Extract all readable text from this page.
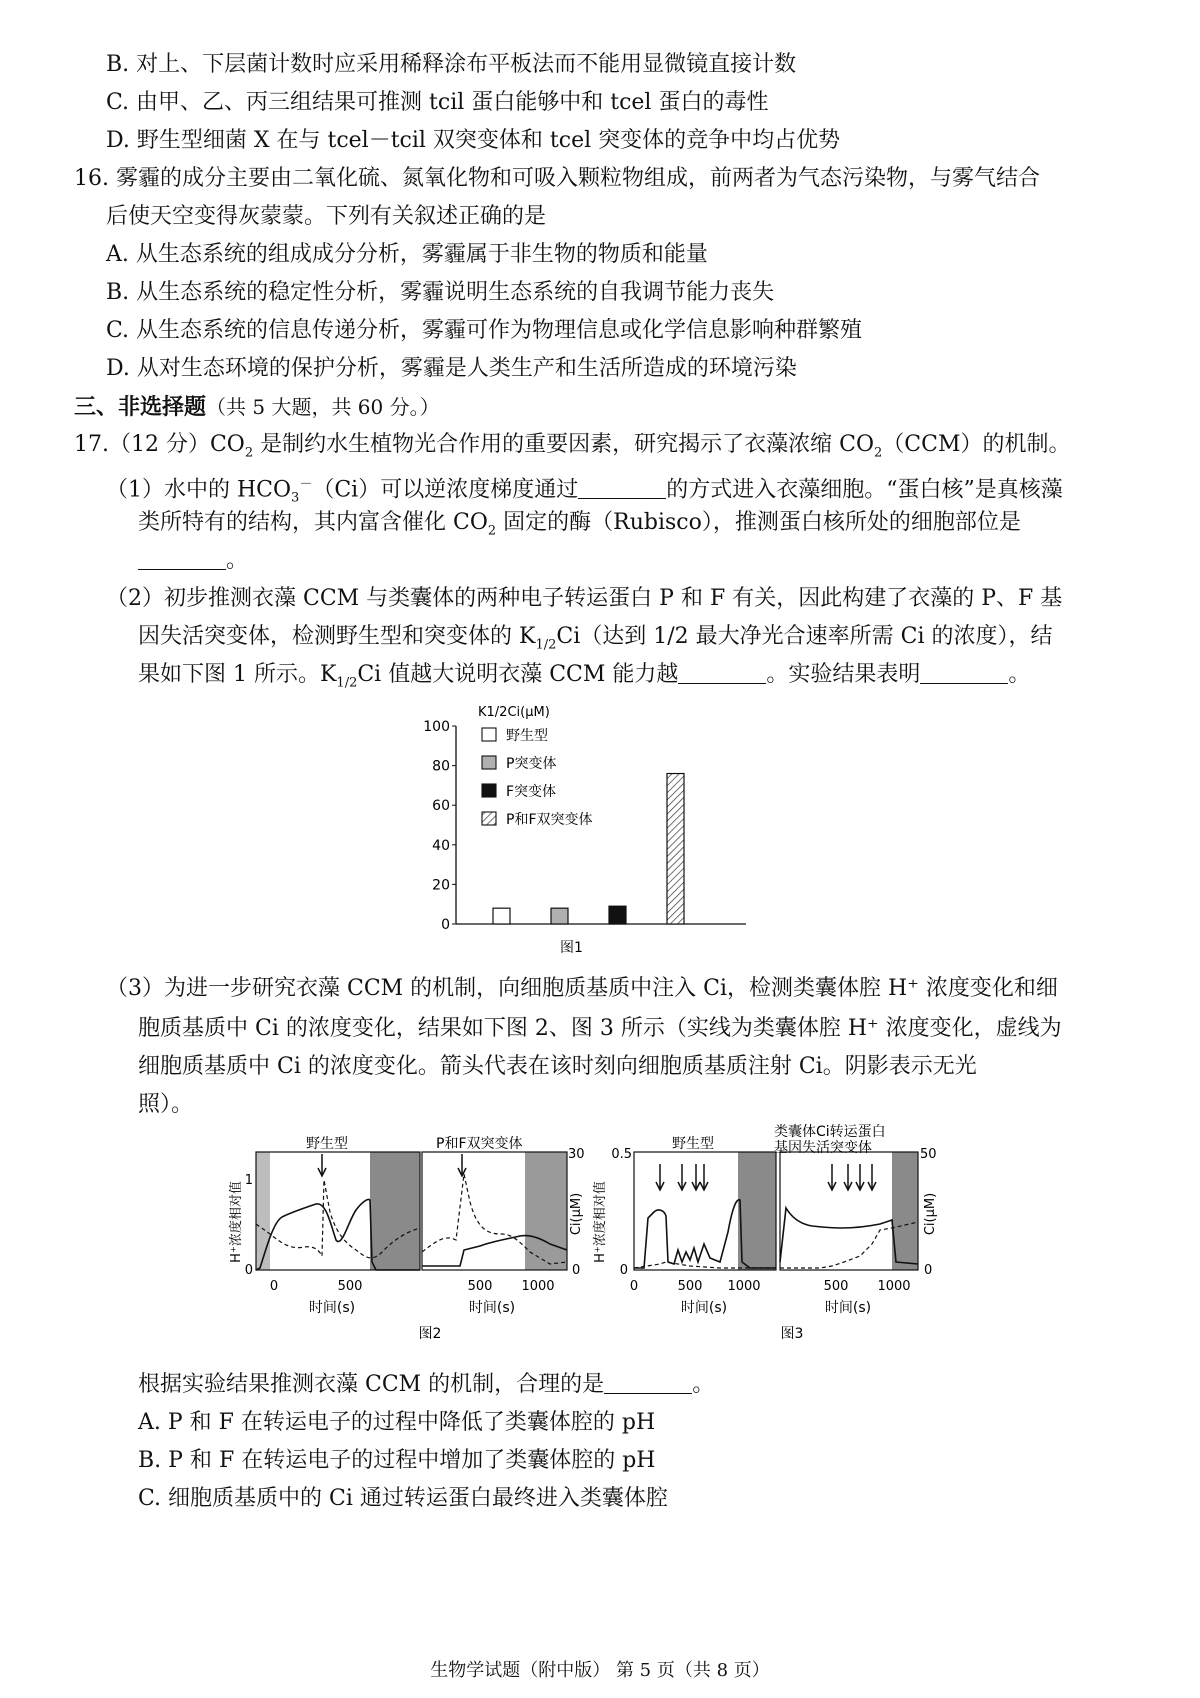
B. 对上、下层菌计数时应采用稀释涂布平板法而不能用显微镜直接计数
C. 由甲、乙、丙三组结果可推测 tcil 蛋白能够中和 tcel 蛋白的毒性
D. 野生型细菌 X 在与 tcel－tcil 双突变体和 tcel 突变体的竞争中均占优势
16. 雾霾的成分主要由二氧化硫、氮氧化物和可吸入颗粒物组成，前两者为气态污染物，与雾气结合
后使天空变得灰蒙蒙。下列有关叙述正确的是
A. 从生态系统的组成成分分析，雾霾属于非生物的物质和能量
B. 从生态系统的稳定性分析，雾霾说明生态系统的自我调节能力丧失
C. 从生态系统的信息传递分析，雾霾可作为物理信息或化学信息影响种群繁殖
D. 从对生态环境的保护分析，雾霾是人类生产和生活所造成的环境污染
三、非选择题（共 5 大题，共 60 分。）
17.（12 分）$CO_2$ 是制约水生植物光合作用的重要因素，研究揭示了衣藻浓缩 $CO_2(CCM)$的机制。
（1）水中的 $HCO_3^-(Ci)$可以逆浓度梯度通过	的方式进入衣藻细胞。“蛋白核”是真核藻
类所特有的结构，其内富含催化 $CO_2$ 固定的酶（Rubisco），推测蛋白核所处的细胞部位是
。
（2）初步推测衣藻 CCM 与类囊体的两种电子转运蛋白 P 和 F 有关，因此构建了衣藻的 P、F 基
因失活突变体，检测野生型和突变体的 $K_{1/2}Ci$（达到 1/2 最大净光合速率所需 Ci 的浓度），结
果如下图 1 所示。$K_{1/2}Ci$ 值越大说明衣藻 CCM 能力越	。实验结果表明	。
0
20
40
60
80
100
野生型
P突变体
F突变体
P和F双突变体
K1/2Ci(μM)
图1
（3）为进一步研究衣藻 CCM 的机制，向细胞质基质中注入 Ci，检测类囊体腔 H⁺ 浓度变化和细
胞质基质中 Ci 的浓度变化，结果如下图 2、图 3 所示（实线为类囊体腔 H⁺ 浓度变化，虚线为
细胞质基质中 Ci 的浓度变化。箭头代表在该时刻向细胞质基质注射 Ci。阴影表示无光
照）。
H⁺浓度相对值
0
1
野生型	P和F双突变体
0
30
Ci(μM)
0	500	500 1000
时间(s)	时间(s)
图2
H⁺浓度相对值
0
0.5
野生型
类囊体Ci转运蛋白
基因失活突变体
0
50
Ci(μM)
0	500 1000	500 1000
时间(s)	时间(s)
图3
根据实验结果推测衣藻 CCM 的机制，合理的是	。
A. P 和 F 在转运电子的过程中降低了类囊体腔的 pH
B. P 和 F 在转运电子的过程中增加了类囊体腔的 pH
C. 细胞质基质中的 Ci 通过转运蛋白最终进入类囊体腔
生物学试题（附中版） 第 5 页（共 8 页）
